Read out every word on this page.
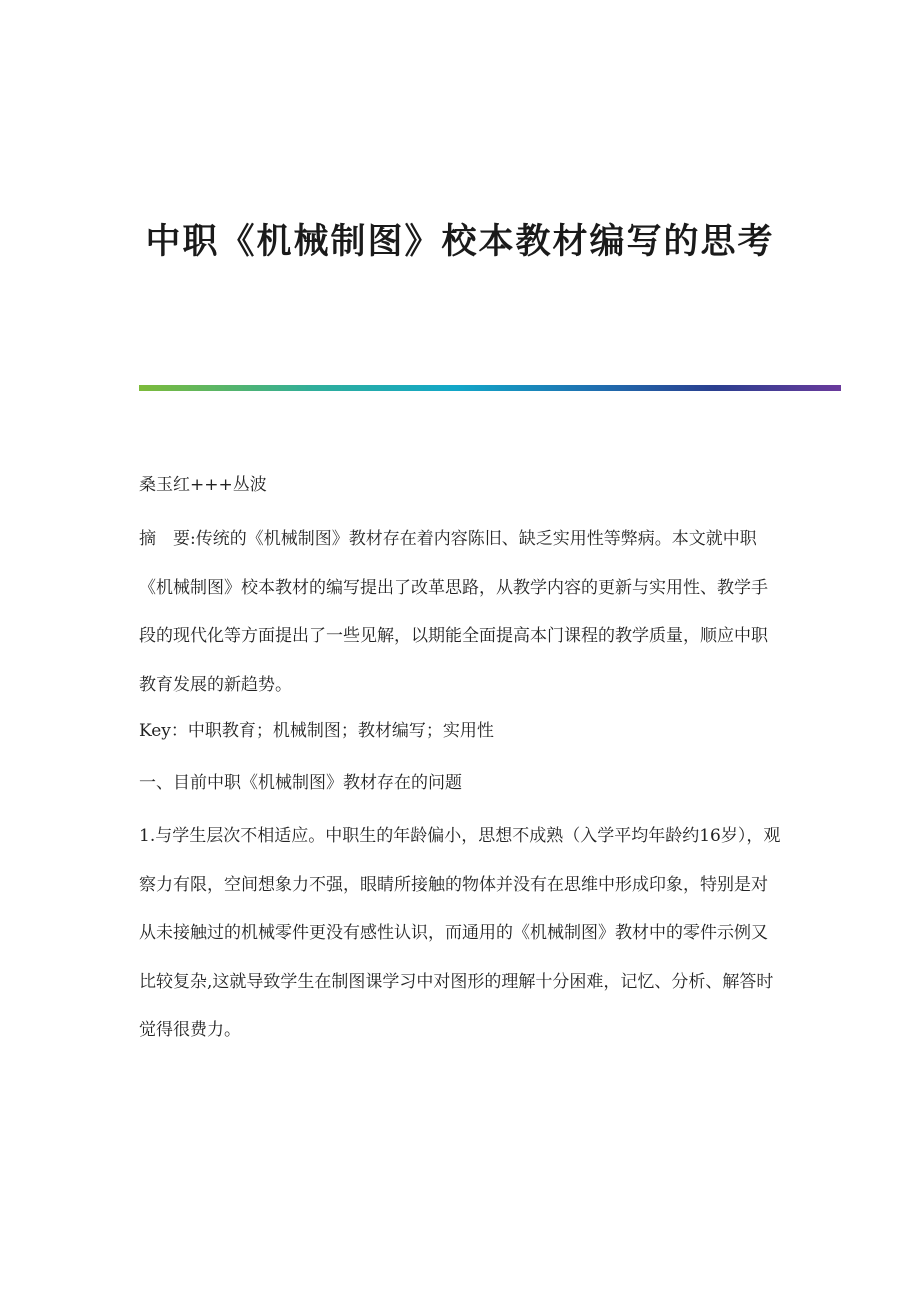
中职《机械制图》校本教材编写的思考

桑玉红+++丛波

摘　要:传统的《机械制图》教材存在着内容陈旧、缺乏实用性等弊病。本文就中职《机械制图》校本教材的编写提出了改革思路，从教学内容的更新与实用性、教学手段的现代化等方面提出了一些见解，以期能全面提高本门课程的教学质量，顺应中职教育发展的新趋势。

Key：中职教育；机械制图；教材编写；实用性

一、目前中职《机械制图》教材存在的问题

1.与学生层次不相适应。中职生的年龄偏小，思想不成熟（入学平均年龄约16岁），观察力有限，空间想象力不强，眼睛所接触的物体并没有在思维中形成印象，特别是对从未接触过的机械零件更没有感性认识，而通用的《机械制图》教材中的零件示例又比较复杂,这就导致学生在制图课学习中对图形的理解十分困难，记忆、分析、解答时觉得很费力。
